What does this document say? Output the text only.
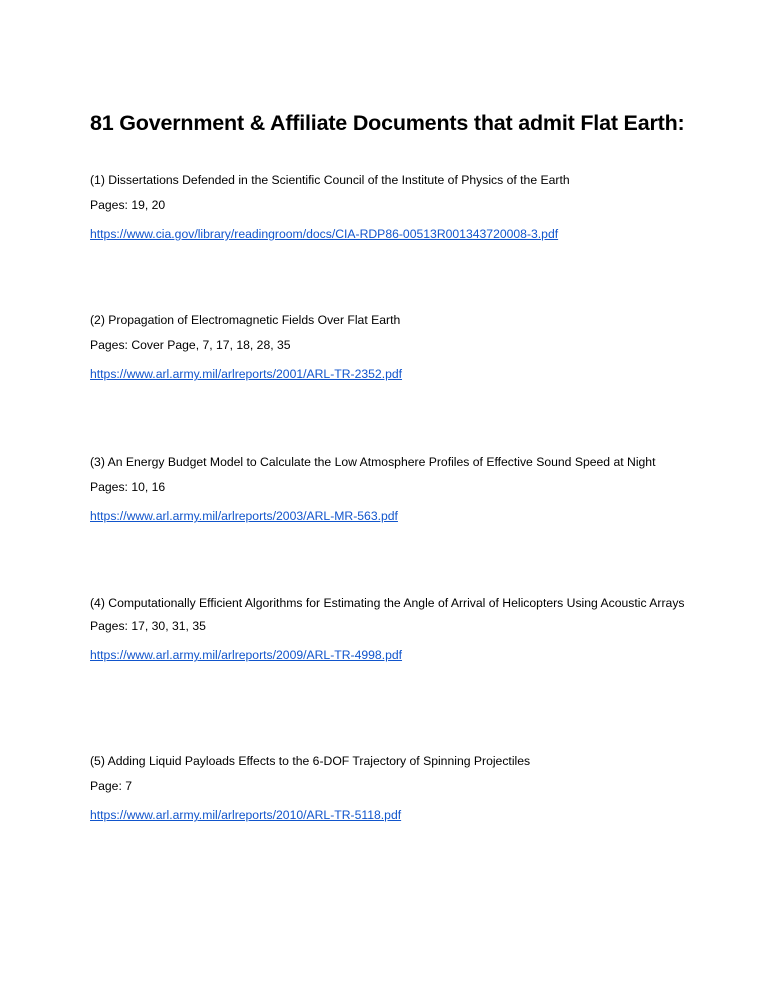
81 Government & Affiliate Documents that admit Flat Earth:

(1) Dissertations Defended in the Scientific Council of the Institute of Physics of the Earth

Pages: 19, 20

https://www.cia.gov/library/readingroom/docs/CIA-RDP86-00513R001343720008-3.pdf

(2) Propagation of Electromagnetic Fields Over Flat Earth

Pages: Cover Page, 7, 17, 18, 28, 35

https://www.arl.army.mil/arlreports/2001/ARL-TR-2352.pdf

(3) An Energy Budget Model to Calculate the Low Atmosphere Profiles of Effective Sound Speed at Night

Pages: 10, 16

https://www.arl.army.mil/arlreports/2003/ARL-MR-563.pdf

(4) Computationally Efficient Algorithms for Estimating the Angle of Arrival of Helicopters Using Acoustic Arrays

Pages: 17, 30, 31, 35

https://www.arl.army.mil/arlreports/2009/ARL-TR-4998.pdf

(5) Adding Liquid Payloads Effects to the 6-DOF Trajectory of Spinning Projectiles

Page: 7

https://www.arl.army.mil/arlreports/2010/ARL-TR-5118.pdf
